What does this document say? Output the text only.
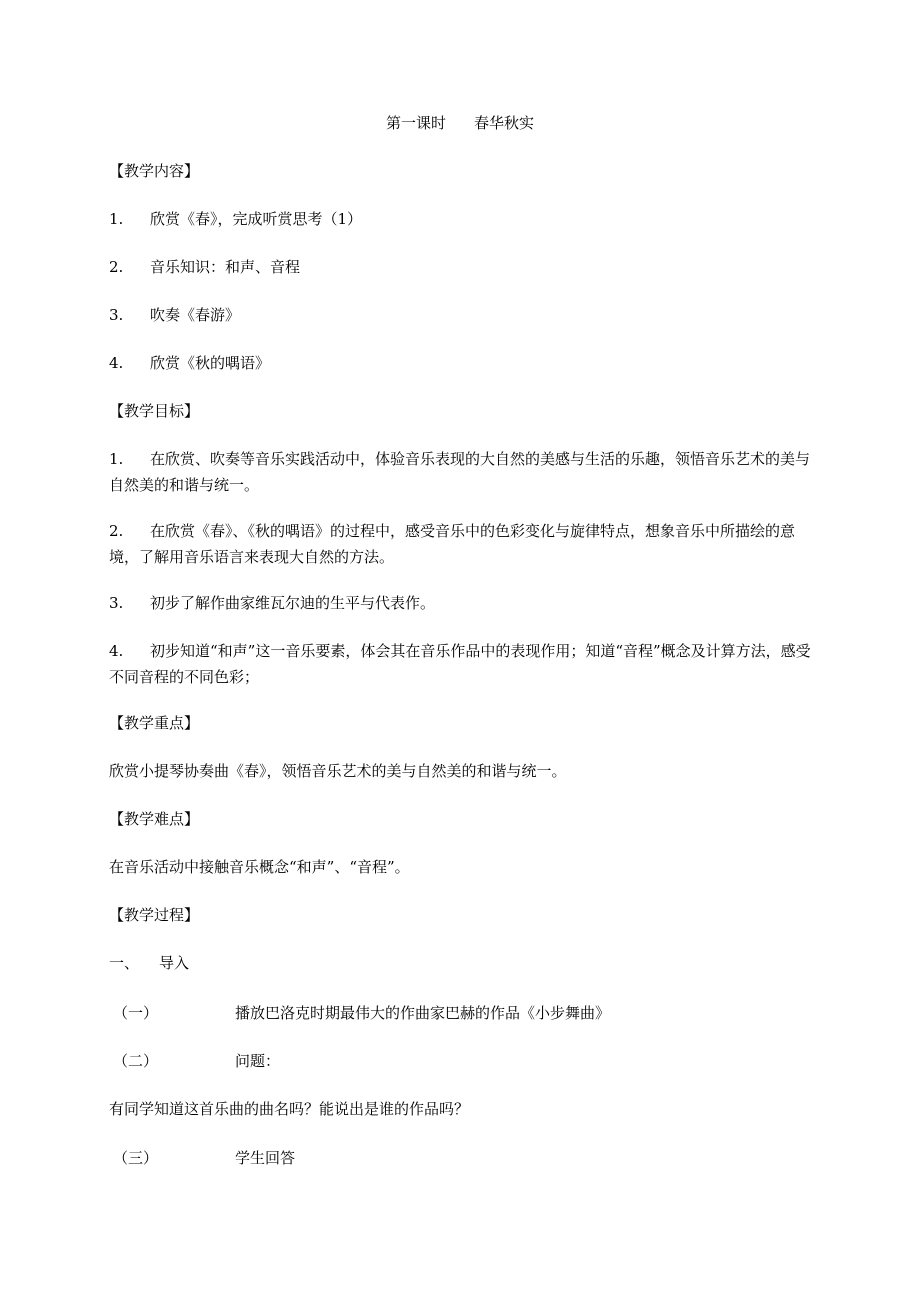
第一课时 春华秋实
【教学内容】
1. 欣赏《春》，完成听赏思考（1）
2. 音乐知识：和声、音程
3. 吹奏《春游》
4. 欣赏《秋的喁语》
【教学目标】
1. 在欣赏、吹奏等音乐实践活动中，体验音乐表现的大自然的美感与生活的乐趣，领悟音乐艺术的美与自然美的和谐与统一。
2. 在欣赏《春》、《秋的喁语》的过程中，感受音乐中的色彩变化与旋律特点，想象音乐中所描绘的意境，了解用音乐语言来表现大自然的方法。
3. 初步了解作曲家维瓦尔迪的生平与代表作。
4. 初步知道“和声”这一音乐要素，体会其在音乐作品中的表现作用；知道“音程”概念及计算方法，感受不同音程的不同色彩；
【教学重点】
欣赏小提琴协奏曲《春》，领悟音乐艺术的美与自然美的和谐与统一。
【教学难点】
在音乐活动中接触音乐概念“和声”、“音程”。
【教学过程】
一、 导入
（一）	播放巴洛克时期最伟大的作曲家巴赫的作品《小步舞曲》
（二）	问题：
有同学知道这首乐曲的曲名吗？能说出是谁的作品吗？
（三）	学生回答
